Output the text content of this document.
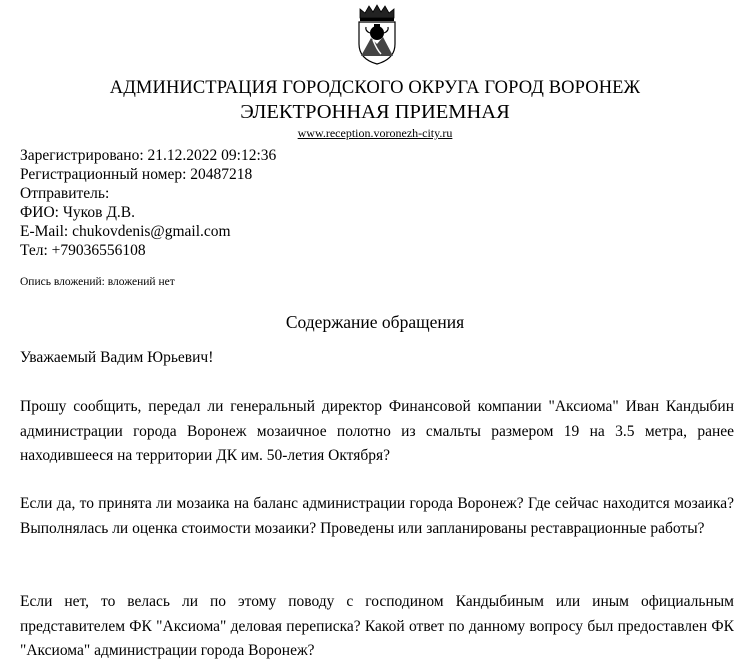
АДМИНИСТРАЦИЯ ГОРОДСКОГО ОКРУГА ГОРОД ВОРОНЕЖ
ЭЛЕКТРОННАЯ ПРИЕМНАЯ
www.reception.voronezh-city.ru
Зарегистрировано: 21.12.2022 09:12:36
Регистрационный номер: 20487218
Отправитель:
ФИО: Чуков Д.В.
E-Mail: chukovdenis@gmail.com
Тел: +79036556108
Опись вложений: вложений нет
Содержание обращения
Уважаемый Вадим Юрьевич!
Прошу сообщить, передал ли генеральный директор Финансовой компании "Аксиома" Иван Кандыбин администрации города Воронеж мозаичное полотно из смальты размером 19 на 3.5 метра, ранее находившееся на территории ДК им. 50-летия Октября?
Если да, то принята ли мозаика на баланс администрации города Воронеж? Где сейчас находится мозаика? Выполнялась ли оценка стоимости мозаики? Проведены или запланированы реставрационные работы?
Если нет, то велась ли по этому поводу с господином Кандыбиным или иным официальным представителем ФК "Аксиома" деловая переписка? Какой ответ по данному вопросу был предоставлен ФК "Аксиома" администрации города Воронеж?
